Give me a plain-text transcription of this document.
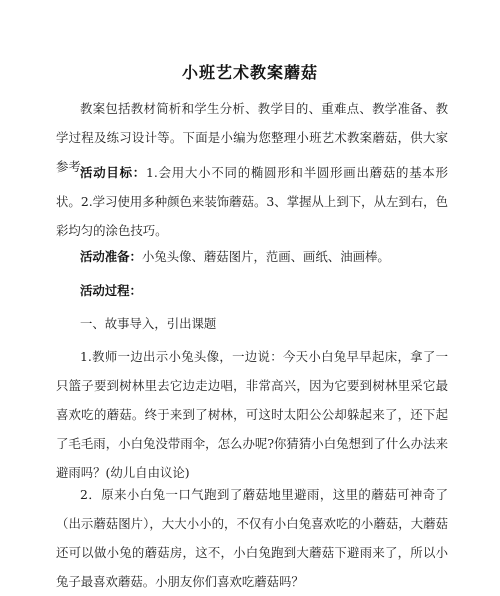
小班艺术教案蘑菇

教案包括教材简析和学生分析、教学目的、重难点、教学准备、教学过程及练习设计等。下面是小编为您整理小班艺术教案蘑菇，供大家参考。

活动目标：1.会用大小不同的椭圆形和半圆形画出蘑菇的基本形状。2.学习使用多种颜色来装饰蘑菇。3、掌握从上到下，从左到右，色彩均匀的涂色技巧。

活动准备：小兔头像、蘑菇图片，范画、画纸、油画棒。

活动过程：

一、故事导入，引出课题

1.教师一边出示小兔头像，一边说：今天小白兔早早起床，拿了一只篮子要到树林里去它边走边唱，非常高兴，因为它要到树林里采它最喜欢吃的蘑菇。终于来到了树林，可这时太阳公公却躲起来了，还下起了毛毛雨，小白兔没带雨伞，怎么办呢?你猜猜小白兔想到了什么办法来避雨吗？(幼儿自由议论)

2．原来小白兔一口气跑到了蘑菇地里避雨，这里的蘑菇可神奇了（出示蘑菇图片），大大小小的，不仅有小白兔喜欢吃的小蘑菇，大蘑菇还可以做小兔的蘑菇房，这不，小白兔跑到大蘑菇下避雨来了，所以小兔子最喜欢蘑菇。小朋友你们喜欢吃蘑菇吗？
